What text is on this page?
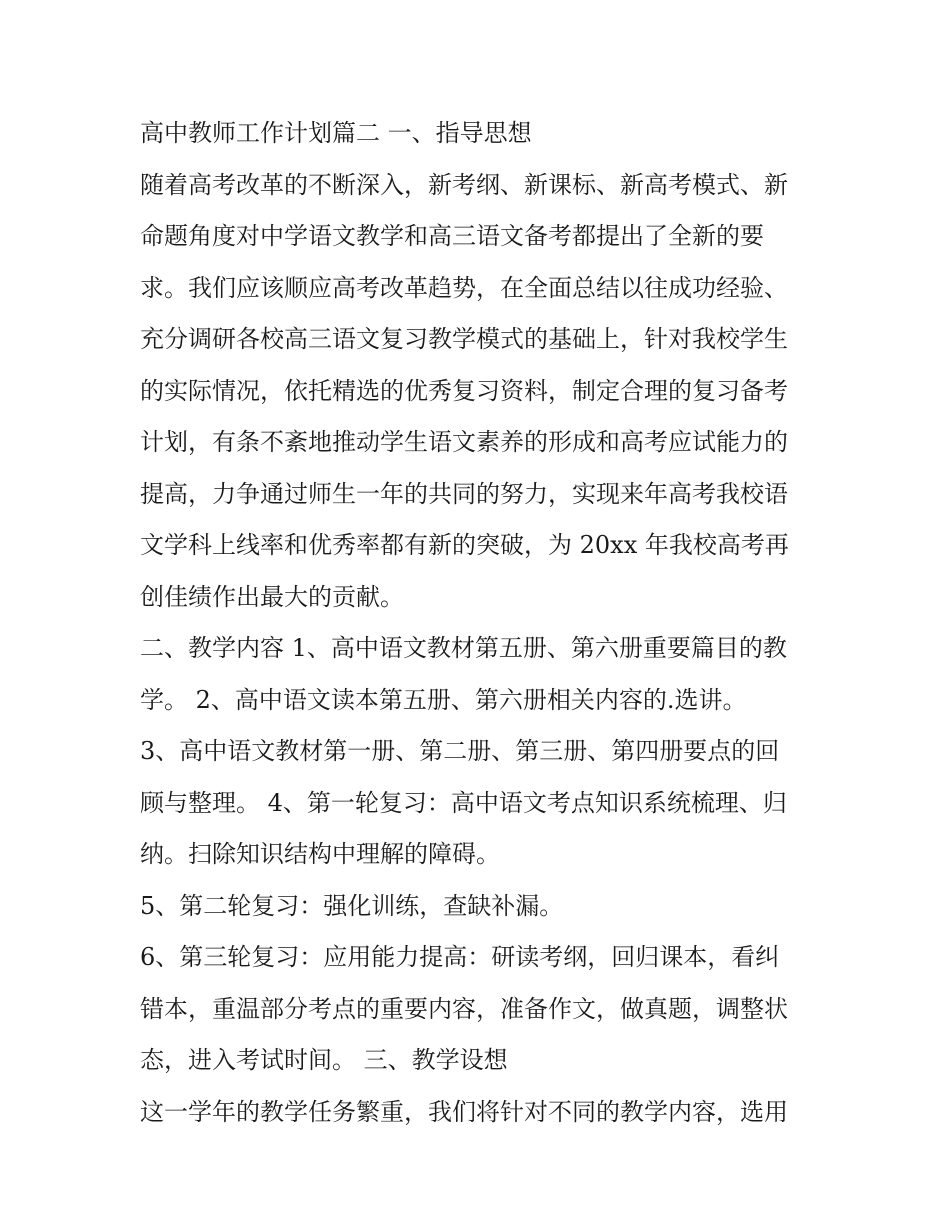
高中教师工作计划篇二 一、指导思想
随着高考改革的不断深入，新考纲、新课标、新高考模式、新
命题角度对中学语文教学和高三语文备考都提出了全新的要
求。我们应该顺应高考改革趋势，在全面总结以往成功经验、
充分调研各校高三语文复习教学模式的基础上，针对我校学生
的实际情况，依托精选的优秀复习资料，制定合理的复习备考
计划，有条不紊地推动学生语文素养的形成和高考应试能力的
提高，力争通过师生一年的共同的努力，实现来年高考我校语
文学科上线率和优秀率都有新的突破，为 20xx 年我校高考再
创佳绩作出最大的贡献。
二、教学内容 1、高中语文教材第五册、第六册重要篇目的教
学。 2、高中语文读本第五册、第六册相关内容的.选讲。
3、高中语文教材第一册、第二册、第三册、第四册要点的回
顾与整理。 4、第一轮复习：高中语文考点知识系统梳理、归
纳。扫除知识结构中理解的障碍。
5、第二轮复习：强化训练，查缺补漏。
6、第三轮复习：应用能力提高：研读考纲，回归课本，看纠
错本，重温部分考点的重要内容，准备作文，做真题，调整状
态，进入考试时间。 三、教学设想
这一学年的教学任务繁重，我们将针对不同的教学内容，选用
